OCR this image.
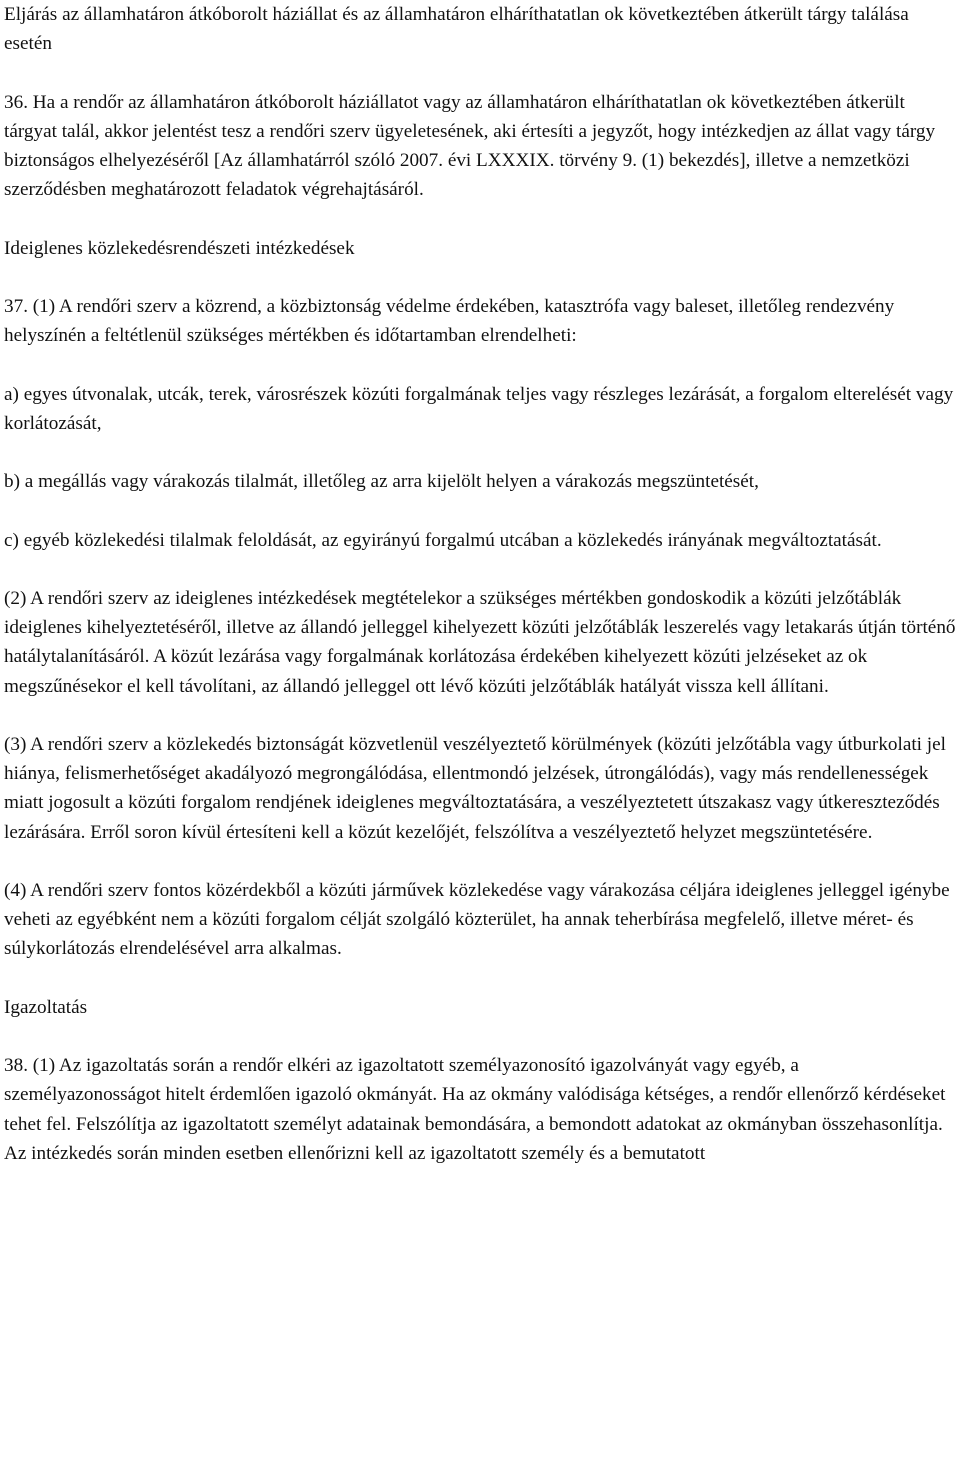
Eljárás az államhatáron átkóborolt háziállat és az államhatáron elháríthatatlan ok következtében átkerült tárgy találása esetén

36. Ha a rendőr az államhatáron átkóborolt háziállatot vagy az államhatáron elháríthatatlan ok következtében átkerült tárgyat talál, akkor jelentést tesz a rendőri szerv ügyeletesének, aki értesíti a jegyzőt, hogy intézkedjen az állat vagy tárgy biztonságos elhelyezéséről [Az államhatárról szóló 2007. évi LXXXIX. törvény 9. (1) bekezdés], illetve a nemzetközi szerződésben meghatározott feladatok végrehajtásáról.

Ideiglenes közlekedésrendészeti intézkedések

37. (1) A rendőri szerv a közrend, a közbiztonság védelme érdekében, katasztrófa vagy baleset, illetőleg rendezvény helyszínén a feltétlenül szükséges mértékben és időtartamban elrendelheti:

a) egyes útvonalak, utcák, terek, városrészek közúti forgalmának teljes vagy részleges lezárását, a forgalom elterelését vagy korlátozását,

b) a megállás vagy várakozás tilalmát, illetőleg az arra kijelölt helyen a várakozás megszüntetését,

c) egyéb közlekedési tilalmak feloldását, az egyirányú forgalmú utcában a közlekedés irányának megváltoztatását.

(2) A rendőri szerv az ideiglenes intézkedések megtételekor a szükséges mértékben gondoskodik a közúti jelzőtáblák ideiglenes kihelyeztetéséről, illetve az állandó jelleggel kihelyezett közúti jelzőtáblák leszerelés vagy letakarás útján történő hatálytalanításáról. A közút lezárása vagy forgalmának korlátozása érdekében kihelyezett közúti jelzéseket az ok megszűnésekor el kell távolítani, az állandó jelleggel ott lévő közúti jelzőtáblák hatályát vissza kell állítani.

(3) A rendőri szerv a közlekedés biztonságát közvetlenül veszélyeztető körülmények (közúti jelzőtábla vagy útburkolati jel hiánya, felismerhetőséget akadályozó megrongálódása, ellentmondó jelzések, útrongálódás), vagy más rendellenességek miatt jogosult a közúti forgalom rendjének ideiglenes megváltoztatására, a veszélyeztetett útszakasz vagy útkereszteződés lezárására. Erről soron kívül értesíteni kell a közút kezelőjét, felszólítva a veszélyeztető helyzet megszüntetésére.

(4) A rendőri szerv fontos közérdekből a közúti járművek közlekedése vagy várakozása céljára ideiglenes jelleggel igénybe veheti az egyébként nem a közúti forgalom célját szolgáló közterület, ha annak teherbírása megfelelő, illetve méret- és súlykorlátozás elrendelésével arra alkalmas.

Igazoltatás

38. (1) Az igazoltatás során a rendőr elkéri az igazoltatott személyazonosító igazolványát vagy egyéb, a személyazonosságot hitelt érdemlően igazoló okmányát. Ha az okmány valódisága kétséges, a rendőr ellenőrző kérdéseket tehet fel. Felszólítja az igazoltatott személyt adatainak bemondására, a bemondott adatokat az okmányban összehasonlítja. Az intézkedés során minden esetben ellenőrizni kell az igazoltatott személy és a bemutatott
